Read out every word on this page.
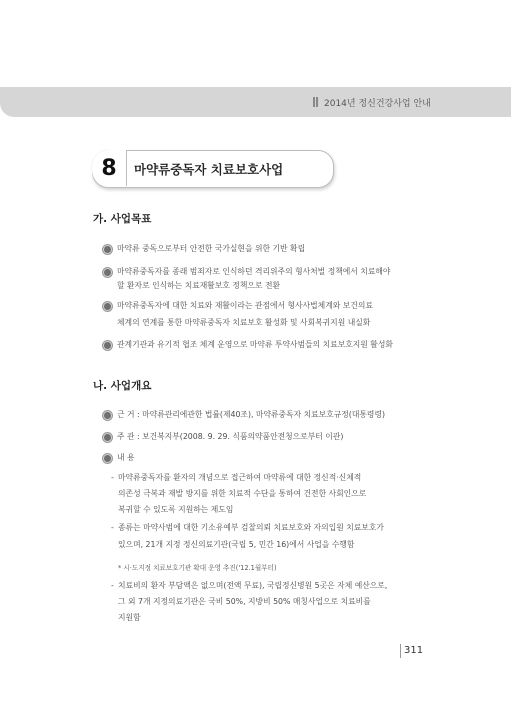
2014년 정신건강사업 안내
8	마약류중독자 치료보호사업
가. 사업목표
마약류 중독으로부터 안전한 국가실현을 위한 기반 확립
마약류중독자를 종래 범죄자로 인식하던 격리위주의 형사처벌 정책에서 치료해야
할 환자로 인식하는 치료재활보호 정책으로 전환
마약류중독자에 대한 치료와 재활이라는 관점에서 형사사법체계와 보건의료
체계의 연계를 통한 마약류중독자 치료보호 활성화 및 사회복귀지원 내실화
관계기관과 유기적 협조 체계 운영으로 마약류 투약사범들의 치료보호지원 활성화
나. 사업개요
근 거 : 마약류관리에관한 법률(제40조), 마약류중독자 치료보호규정(대통령령)
주 관 : 보건복지부(2008. 9. 29. 식품의약품안전청으로부터 이관)
내 용
- 마약류중독자를 환자의 개념으로 접근하여 마약류에 대한 정신적·신체적
의존성 극복과 재발 방지를 위한 치료적 수단을 통하여 건전한 사회인으로
복귀할 수 있도록 지원하는 제도임
- 종류는 마약사범에 대한 기소유예부 검찰의뢰 치료보호와 자의입원 치료보호가
있으며, 21개 지정 정신의료기관(국립 5, 민간 16)에서 사업을 수행함
* 시·도지정 치료보호기관 확대 운영 추진('12.1월부터)
- 치료비의 환자 부담액은 없으며(전액 무료), 국립정신병원 5곳은 자체 예산으로,
그 외 7개 지정의료기관은 국비 50%, 지방비 50% 매칭사업으로 치료비를
지원함
311
